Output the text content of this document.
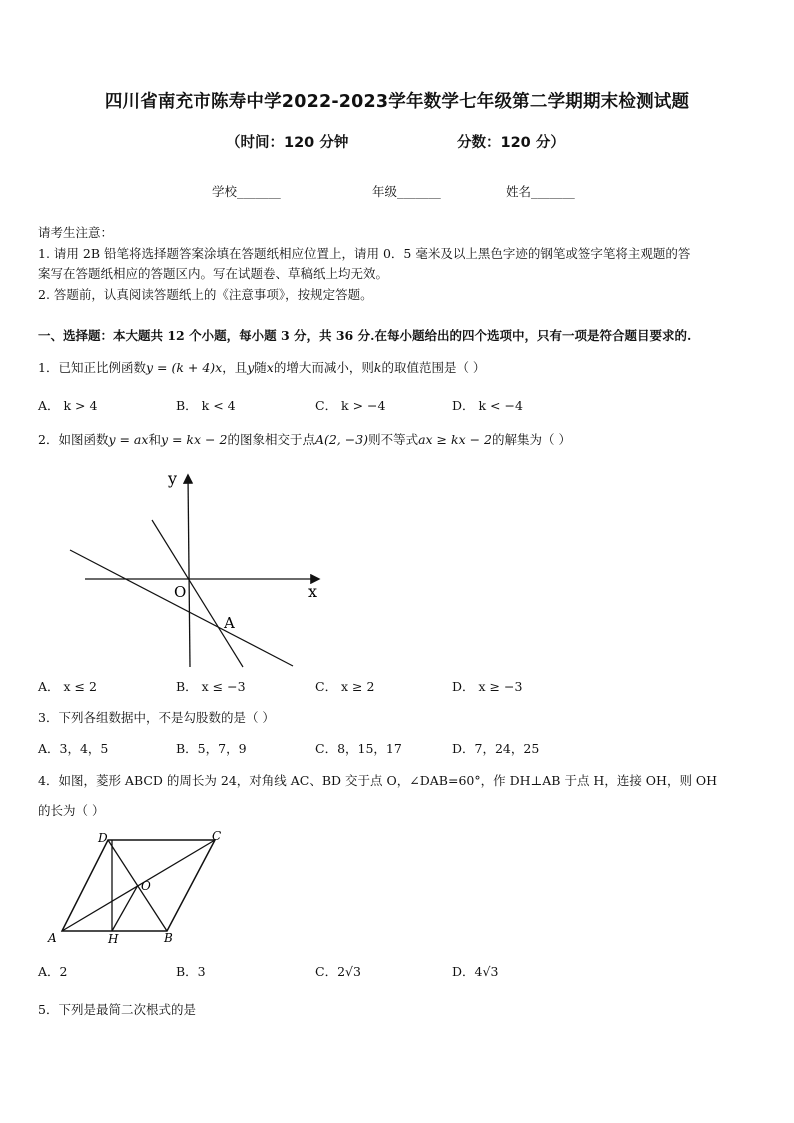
四川省南充市陈寿中学2022-2023学年数学七年级第二学期期末检测试题
（时间：120 分钟	分数：120 分）
学校_______	年级_______	姓名_______
请考生注意：
1. 请用 2B 铅笔将选择题答案涂填在答题纸相应位置上，请用 0．5 毫米及以上黑色字迹的钢笔或签字笔将主观题的答
案写在答题纸相应的答题区内。写在试题卷、草稿纸上均无效。
2. 答题前，认真阅读答题纸上的《注意事项》，按规定答题。
一、选择题：本大题共 12 个小题，每小题 3 分，共 36 分.在每小题给出的四个选项中，只有一项是符合题目要求的.
1．已知正比例函数y = (k + 4)x，且y随x的增大而减小，则k的取值范围是（ ）
A． k > 4	B． k < 4	C． k > −4	D． k < −4
2．如图函数y = ax和y = kx − 2的图象相交于点A(2, −3)则不等式ax ≥ kx − 2的解集为（ ）
y
x
O
A
A． x ≤ 2	B． x ≤ −3	C． x ≥ 2	D． x ≥ −3
3．下列各组数据中，不是勾股数的是（ ）
A．3，4，5	B．5，7，9	C．8，15，17	D．7，24，25
4．如图，菱形 ABCD 的周长为 24，对角线 AC、BD 交于点 O，∠DAB=60°，作 DH⊥AB 于点 H，连接 OH，则 OH
的长为（ ）
D	C
O
A	H	B
A．2	B．3	C．2√3	D．4√3
5．下列是最简二次根式的是
